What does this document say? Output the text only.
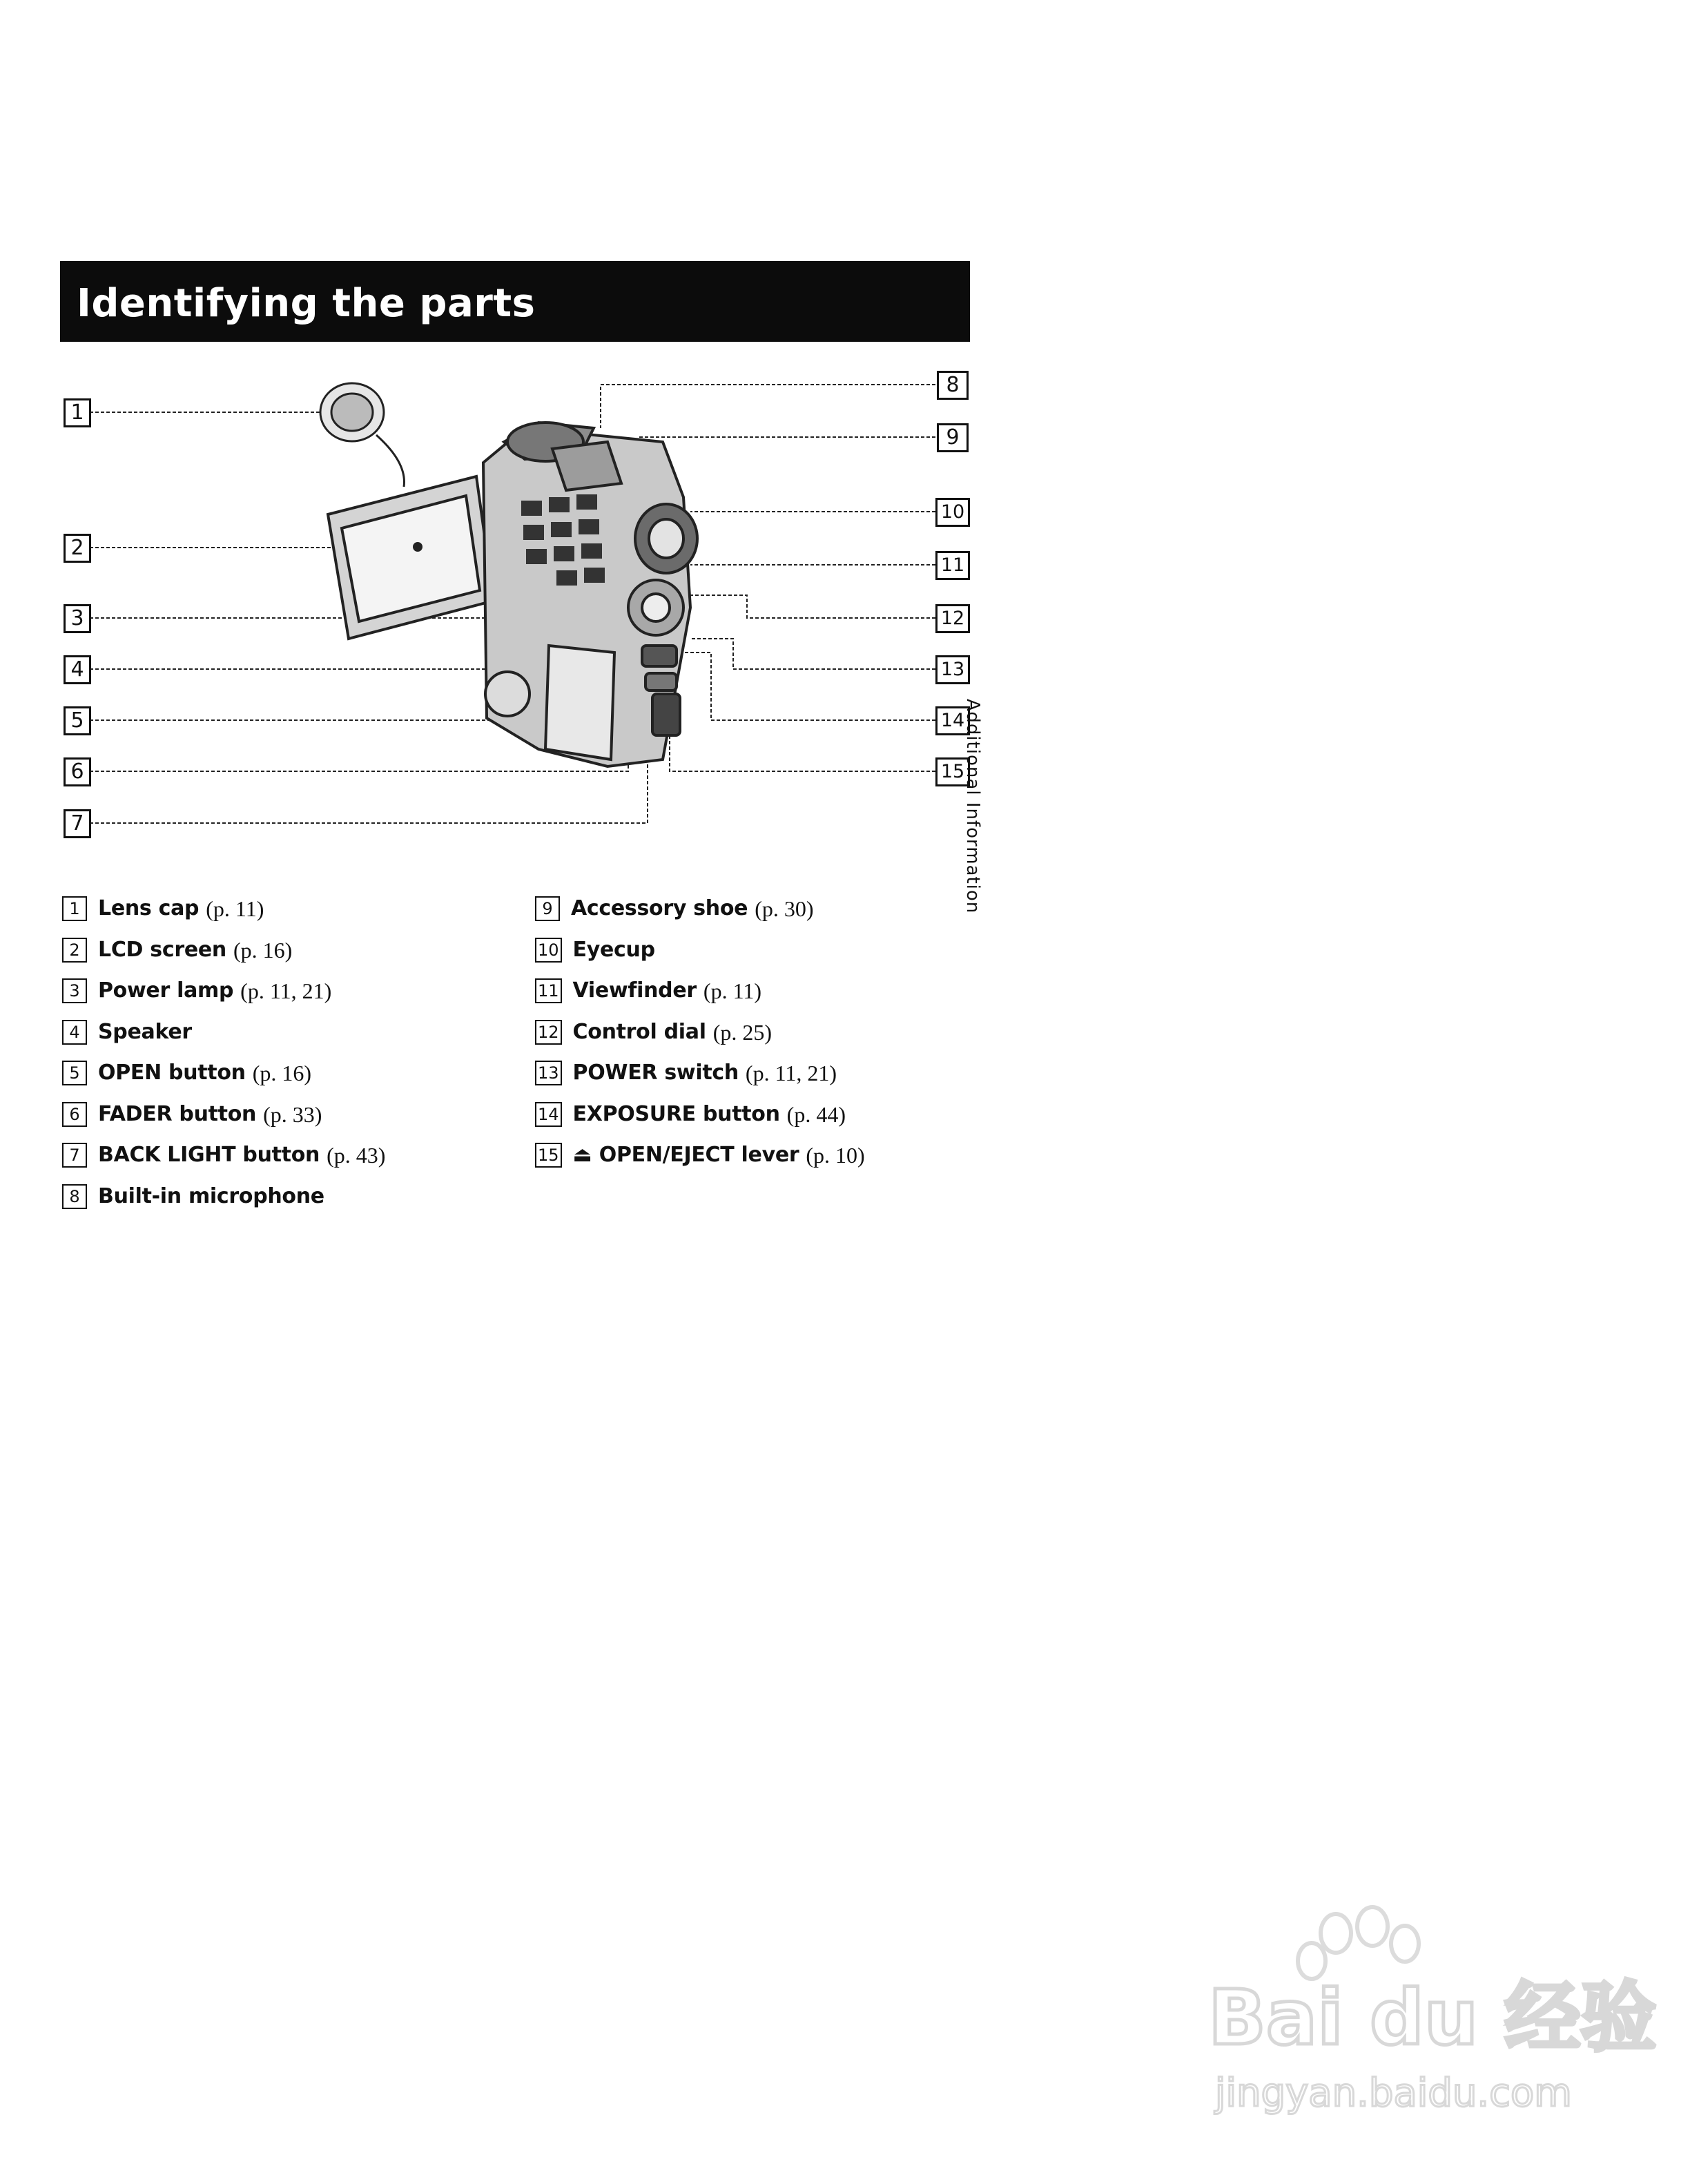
Identifying the parts
1
2
3
4
5
6
7
8
9
10
11
12
13
14
15
Additional Information
1 Lens cap (p. 11)
2 LCD screen (p. 16)
3 Power lamp (p. 11, 21)
4 Speaker
5 OPEN button (p. 16)
6 FADER button (p. 33)
7 BACK LIGHT button (p. 43)
8 Built-in microphone
9 Accessory shoe (p. 30)
10 Eyecup
11 Viewfinder (p. 11)
12 Control dial (p. 25)
13 POWER switch (p. 11, 21)
14 EXPOSURE button (p. 44)
15 ⏏ OPEN/EJECT lever (p. 10)
Bai du 经验
jingyan.baidu.com
